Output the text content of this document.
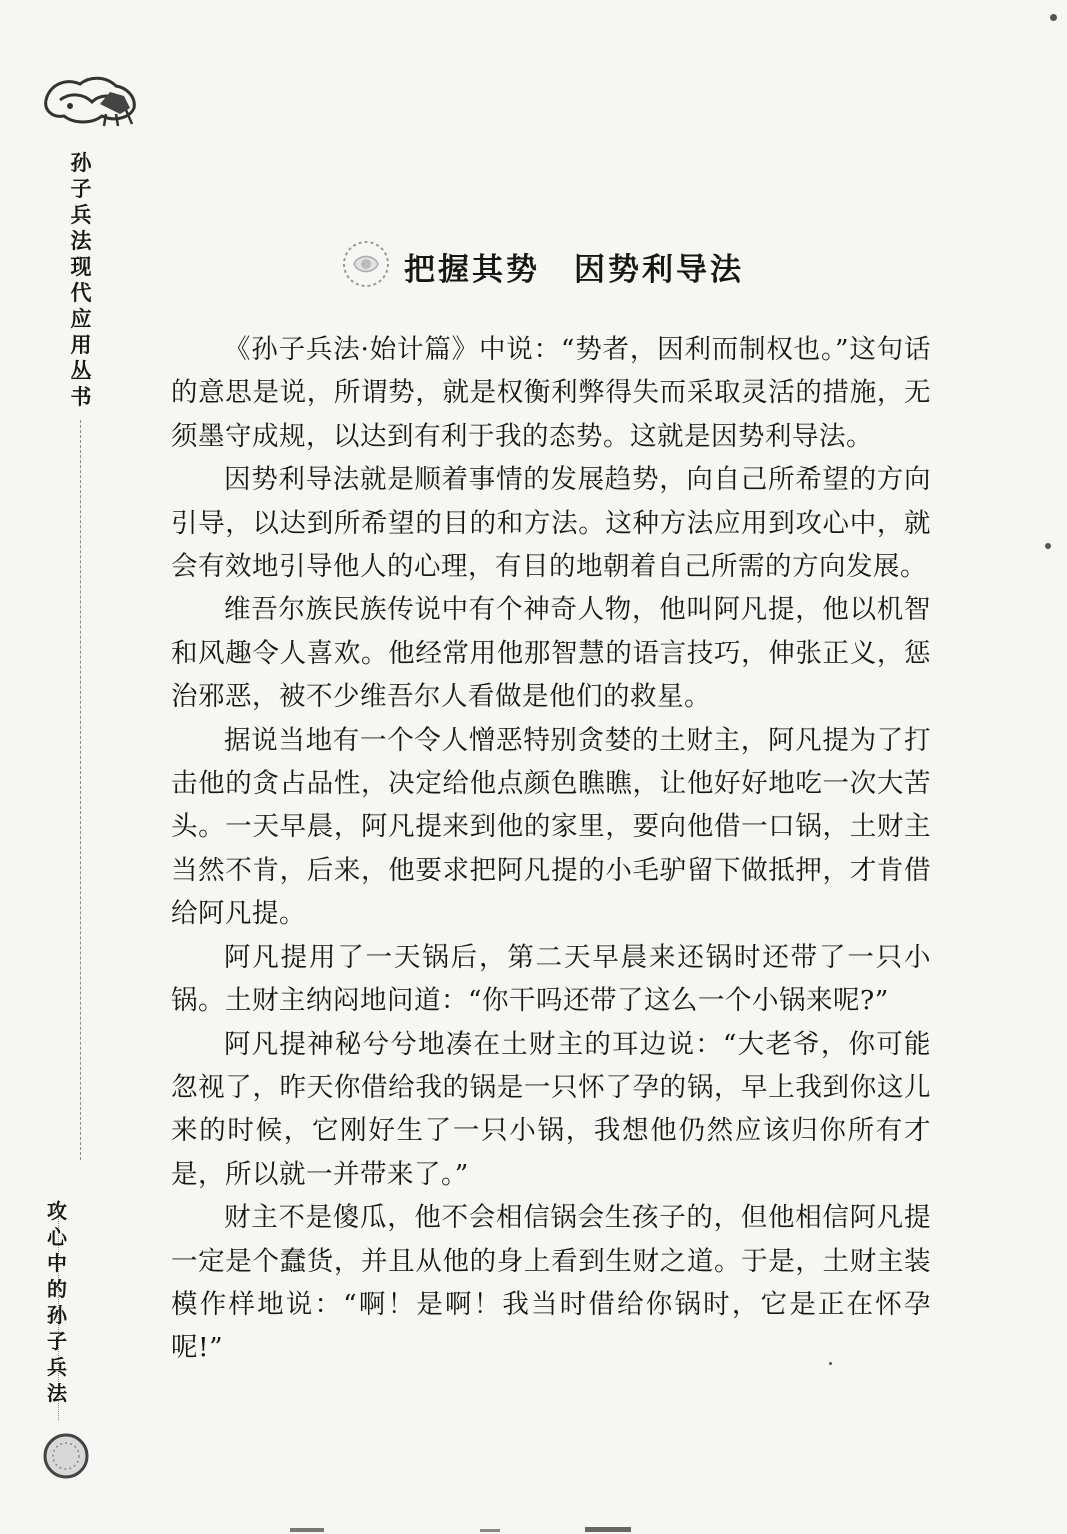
孙子兵法现代应用丛书
攻心中的孙子兵法
把握其势 因势利导法

《孙子兵法·始计篇》中说：“势者，因利而制权也。”这句话的意思是说，所谓势，就是权衡利弊得失而采取灵活的措施，无须墨守成规，以达到有利于我的态势。这就是因势利导法。

因势利导法就是顺着事情的发展趋势，向自己所希望的方向引导，以达到所希望的目的和方法。这种方法应用到攻心中，就会有效地引导他人的心理，有目的地朝着自己所需的方向发展。

维吾尔族民族传说中有个神奇人物，他叫阿凡提，他以机智和风趣令人喜欢。他经常用他那智慧的语言技巧，伸张正义，惩治邪恶，被不少维吾尔人看做是他们的救星。

据说当地有一个令人憎恶特别贪婪的土财主，阿凡提为了打击他的贪占品性，决定给他点颜色瞧瞧，让他好好地吃一次大苦头。一天早晨，阿凡提来到他的家里，要向他借一口锅，土财主当然不肯，后来，他要求把阿凡提的小毛驴留下做抵押，才肯借给阿凡提。

阿凡提用了一天锅后，第二天早晨来还锅时还带了一只小锅。土财主纳闷地问道：“你干吗还带了这么一个小锅来呢?”

阿凡提神秘兮兮地凑在土财主的耳边说：“大老爷，你可能忽视了，昨天你借给我的锅是一只怀了孕的锅，早上我到你这儿来的时候，它刚好生了一只小锅，我想他仍然应该归你所有才是，所以就一并带来了。”

财主不是傻瓜，他不会相信锅会生孩子的，但他相信阿凡提一定是个蠢货，并且从他的身上看到生财之道。于是，土财主装模作样地说：“啊！是啊！我当时借给你锅时，它是正在怀孕呢!”
